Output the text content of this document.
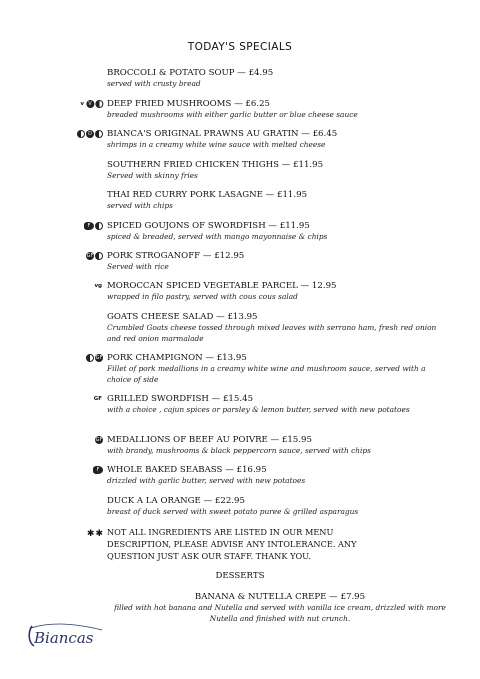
TODAY'S SPECIALS
BROCCOLI & POTATO SOUP — £4.95
served with crusty bread
v V DEEP FRIED MUSHROOMS — £6.25
breaded mushrooms with either garlic butter or blue cheese sauce
D BIANCA'S ORIGINAL PRAWNS AU GRATIN — £6.45
shrimps in a creamy white wine sauce with melted cheese
SOUTHERN FRIED CHICKEN THIGHS — £11.95
Served with skinny fries
THAI RED CURRY PORK LASAGNE — £11.95
served with chips
F	SPICED GOUJONS OF SWORDFISH — £11.95
spiced & breaded, served with mango mayonnaise & chips
GF PORK STROGANOFF — £12.95
Served with rice
vg MOROCCAN SPICED VEGETABLE PARCEL — 12.95
wrapped in filo pastry, served with cous cous salad
GOATS CHEESE SALAD — £13.95
Crumbled Goats cheese tossed through mixed leaves with serrano ham, fresh red onion and red onion marmalade
GF PORK CHAMPIGNON — £13.95
Fillet of pork medallions in a creamy white wine and mushroom sauce, served with a choice of side
GF GRILLED SWORDFISH — £15.45
with a choice , cajun spices or parsley & lemon butter, served with new potatoes
GF MEDALLIONS OF BEEF AU POIVRE — £15.95
with brandy, mushrooms & black peppercorn sauce, served with chips
F WHOLE BAKED SEABASS — £16.95
drizzled with garlic butter, served with new potatoes
DUCK A LA ORANGE — £22.95
breast of duck served with sweet potato puree & grilled asparagus
✱ ✱ NOT ALL INGREDIENTS ARE LISTED IN OUR MENU DESCRIPTION, PLEASE ADVISE ANY INTOLERANCE. ANY QUESTION JUST ASK OUR STAFF. THANK YOU.
DESSERTS
BANANA & NUTELLA CREPE — £7.95
filled with hot banana and Nutella and served with vanilla ice cream, drizzled with more Nutella and finished with nut crunch.
Biancas
